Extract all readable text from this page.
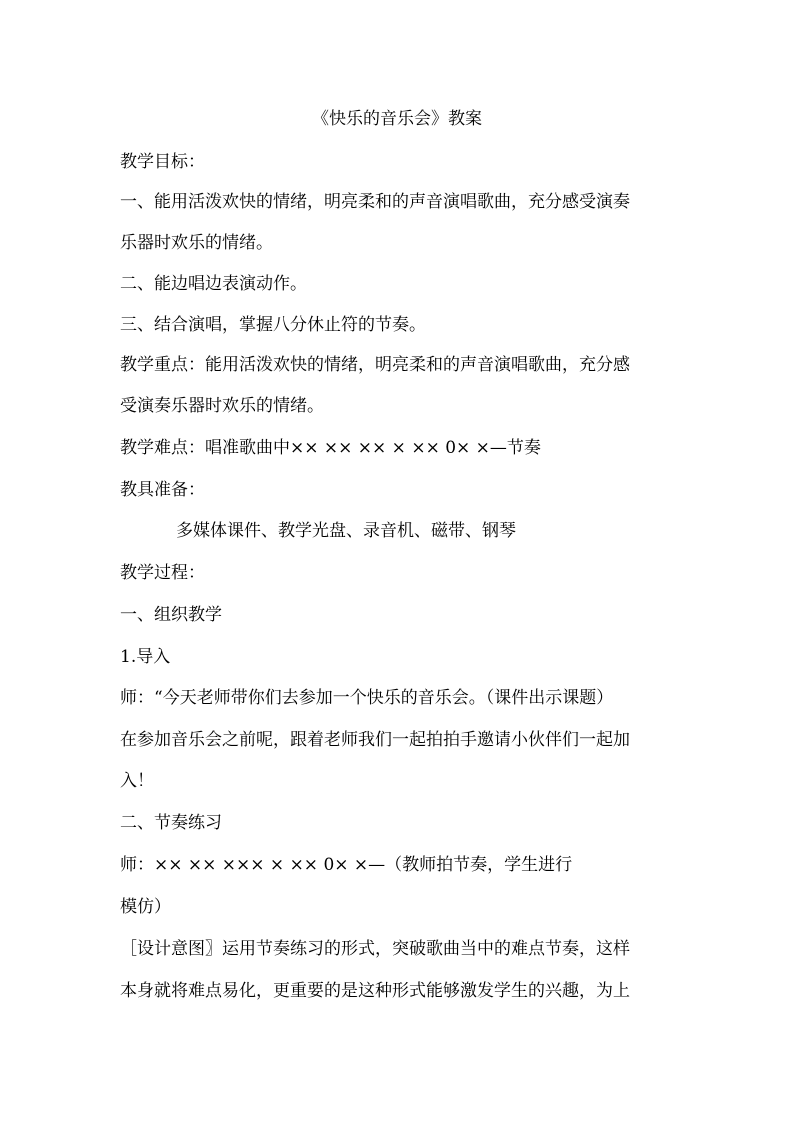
《快乐的音乐会》教案
教学目标：
一、能用活泼欢快的情绪，明亮柔和的声音演唱歌曲，充分感受演奏
乐器时欢乐的情绪。
二、能边唱边表演动作。
三、结合演唱，掌握八分休止符的节奏。
教学重点：能用活泼欢快的情绪，明亮柔和的声音演唱歌曲，充分感
受演奏乐器时欢乐的情绪。
教学难点：唱准歌曲中×× ×× ×× × ×× 0× ×—节奏
教具准备：
多媒体课件、教学光盘、录音机、磁带、钢琴
教学过程：
一、组织教学
1.导入
师：“今天老师带你们去参加一个快乐的音乐会。（课件出示课题）
在参加音乐会之前呢，跟着老师我们一起拍拍手邀请小伙伴们一起加
入！
二、节奏练习
师：×× ×× ××× × ×× 0× ×—（教师拍节奏，学生进行
模仿）
［设计意图〗运用节奏练习的形式，突破歌曲当中的难点节奏，这样
本身就将难点易化，更重要的是这种形式能够激发学生的兴趣，为上
